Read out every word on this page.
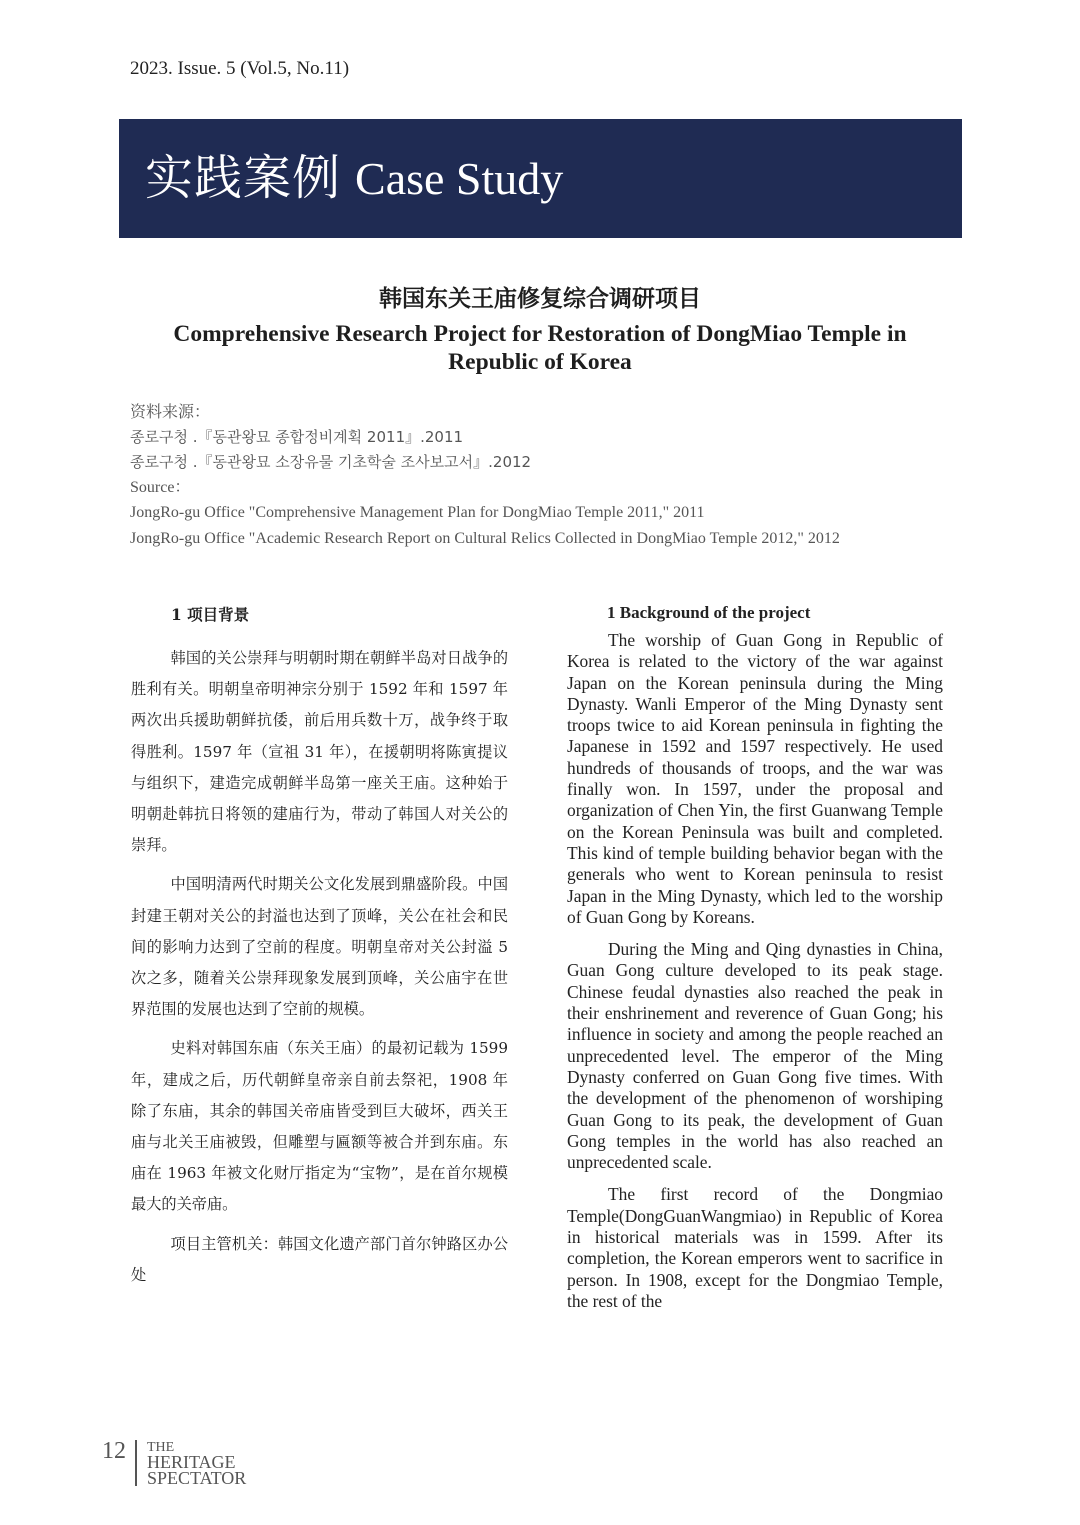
2023. Issue. 5 (Vol.5, No.11)
实践案例 Case Study
韩国东关王庙修复综合调研项目
Comprehensive Research Project for Restoration of DongMiao Temple in Republic of Korea
资料来源：
종로구청 .『동관왕묘 종합정비계획 2011』.2011
종로구청 .『동관왕묘 소장유물 기초학술 조사보고서』.2012
Source：
JongRo-gu Office "Comprehensive Management Plan for DongMiao Temple 2011," 2011
JongRo-gu Office "Academic Research Report on Cultural Relics Collected in DongMiao Temple 2012," 2012
1 项目背景
韩国的关公崇拜与明朝时期在朝鲜半岛对日战争的胜利有关。明朝皇帝明神宗分别于 1592 年和 1597 年两次出兵援助朝鲜抗倭，前后用兵数十万，战争终于取得胜利。1597 年（宣祖 31 年），在援朝明将陈寅提议与组织下，建造完成朝鲜半岛第一座关王庙。这种始于明朝赴韩抗日将领的建庙行为，带动了韩国人对关公的崇拜。
中国明清两代时期关公文化发展到鼎盛阶段。中国封建王朝对关公的封溢也达到了顶峰，关公在社会和民间的影响力达到了空前的程度。明朝皇帝对关公封溢 5 次之多，随着关公崇拜现象发展到顶峰，关公庙宇在世界范围的发展也达到了空前的规模。
史料对韩国东庙（东关王庙）的最初记载为 1599 年，建成之后，历代朝鲜皇帝亲自前去祭祀，1908 年除了东庙，其余的韩国关帝庙皆受到巨大破坏，西关王庙与北关王庙被毁，但雕塑与匾额等被合并到东庙。东庙在 1963 年被文化财厅指定为“宝物”，是在首尔规模最大的关帝庙。
项目主管机关：韩国文化遗产部门首尔钟路区办公处
1 Background of the project
The worship of Guan Gong in Republic of Korea is related to the victory of the war against Japan on the Korean peninsula during the Ming Dynasty. Wanli Emperor of the Ming Dynasty sent troops twice to aid Korean peninsula in fighting the Japanese in 1592 and 1597 respectively. He used hundreds of thousands of troops, and the war was finally won. In 1597, under the proposal and organization of Chen Yin, the first Guanwang Temple on the Korean Peninsula was built and completed. This kind of temple building behavior began with the generals who went to Korean peninsula to resist Japan in the Ming Dynasty, which led to the worship of Guan Gong by Koreans.
During the Ming and Qing dynasties in China, Guan Gong culture developed to its peak stage. Chinese feudal dynasties also reached the peak in their enshrinement and reverence of Guan Gong; his influence in society and among the people reached an unprecedented level. The emperor of the Ming Dynasty conferred on Guan Gong five times. With the development of the phenomenon of worshiping Guan Gong to its peak, the development of Guan Gong temples in the world has also reached an unprecedented scale.
The first record of the Dongmiao Temple(DongGuanWangmiao) in Republic of Korea in historical materials was in 1599. After its completion, the Korean emperors went to sacrifice in person. In 1908, except for the Dongmiao Temple, the rest of the
12 THE
HERITAGE
SPECTATOR
